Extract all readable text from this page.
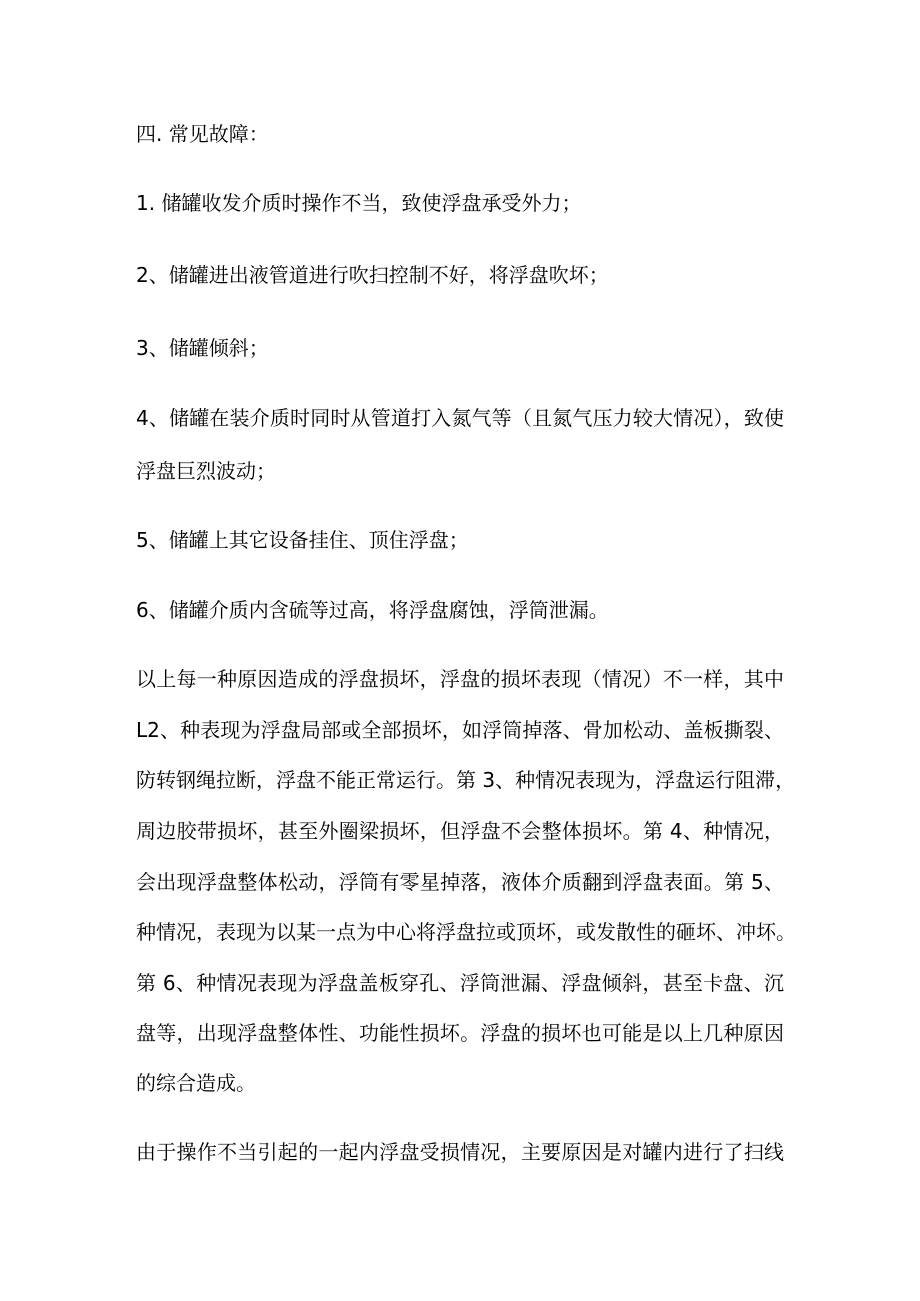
四. 常见故障：
1. 储罐收发介质时操作不当，致使浮盘承受外力；
2、储罐进出液管道进行吹扫控制不好，将浮盘吹坏；
3、储罐倾斜；
4、储罐在装介质时同时从管道打入氮气等（且氮气压力较大情况），致使
浮盘巨烈波动；
5、储罐上其它设备挂住、顶住浮盘；
6、储罐介质内含硫等过高，将浮盘腐蚀，浮筒泄漏。
以上每一种原因造成的浮盘损坏，浮盘的损坏表现（情况）不一样，其中
L2、种表现为浮盘局部或全部损坏，如浮筒掉落、骨加松动、盖板撕裂、
防转钢绳拉断，浮盘不能正常运行。第 3、种情况表现为，浮盘运行阻滞，
周边胶带损坏，甚至外圈梁损坏，但浮盘不会整体损坏。第 4、种情况，
会出现浮盘整体松动，浮筒有零星掉落，液体介质翻到浮盘表面。第 5、
种情况，表现为以某一点为中心将浮盘拉或顶坏，或发散性的砸坏、冲坏。
第 6、种情况表现为浮盘盖板穿孔、浮筒泄漏、浮盘倾斜，甚至卡盘、沉
盘等，出现浮盘整体性、功能性损坏。浮盘的损坏也可能是以上几种原因
的综合造成。
由于操作不当引起的一起内浮盘受损情况，主要原因是对罐内进行了扫线
